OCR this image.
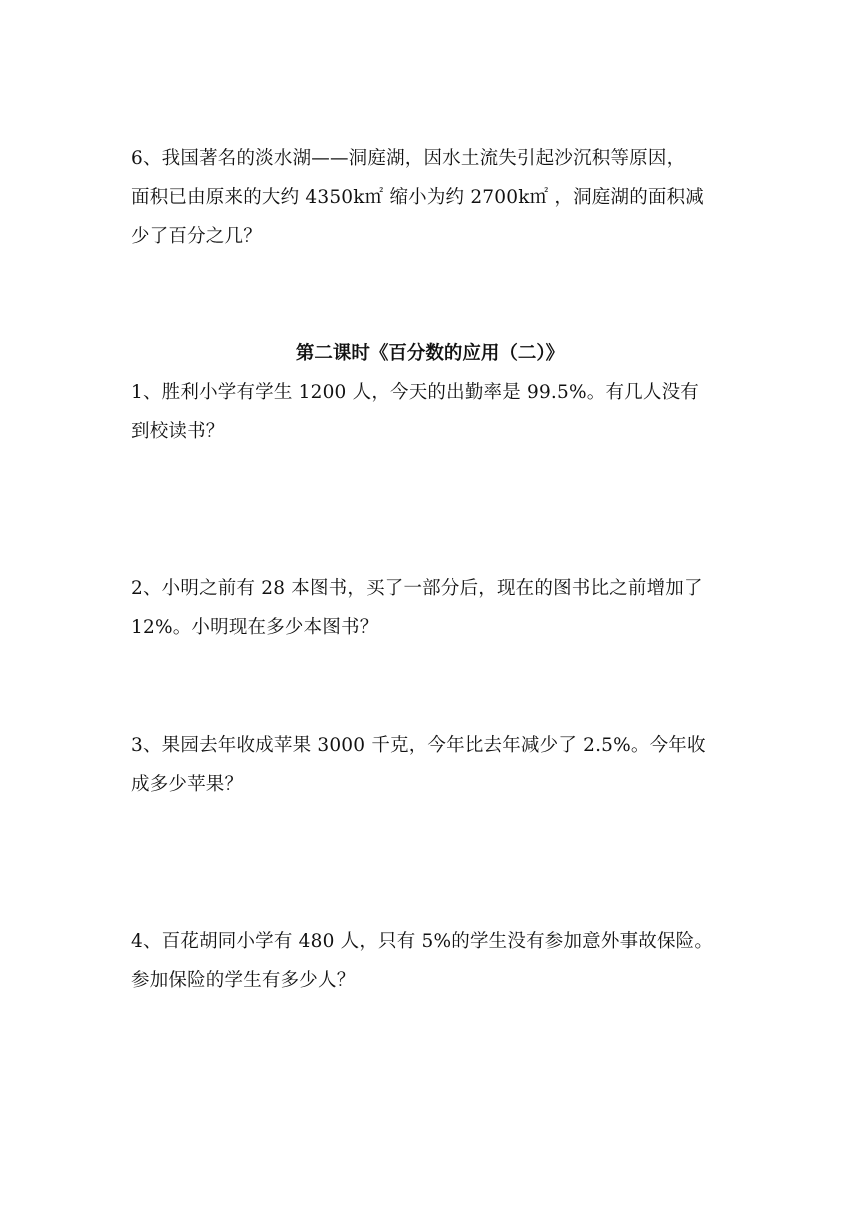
6、我国著名的淡水湖——洞庭湖，因水土流失引起沙沉积等原因，
面积已由原来的大约 4350k㎡ 缩小为约 2700k㎡ ，洞庭湖的面积减
少了百分之几？
第二课时《百分数的应用（二）》
1、胜利小学有学生 1200 人，今天的出勤率是 99.5%。有几人没有
到校读书？
2、小明之前有 28 本图书，买了一部分后，现在的图书比之前增加了
12%。小明现在多少本图书？
3、果园去年收成苹果 3000 千克，今年比去年减少了 2.5%。今年收
成多少苹果？
4、百花胡同小学有 480 人，只有 5%的学生没有参加意外事故保险。
参加保险的学生有多少人？
